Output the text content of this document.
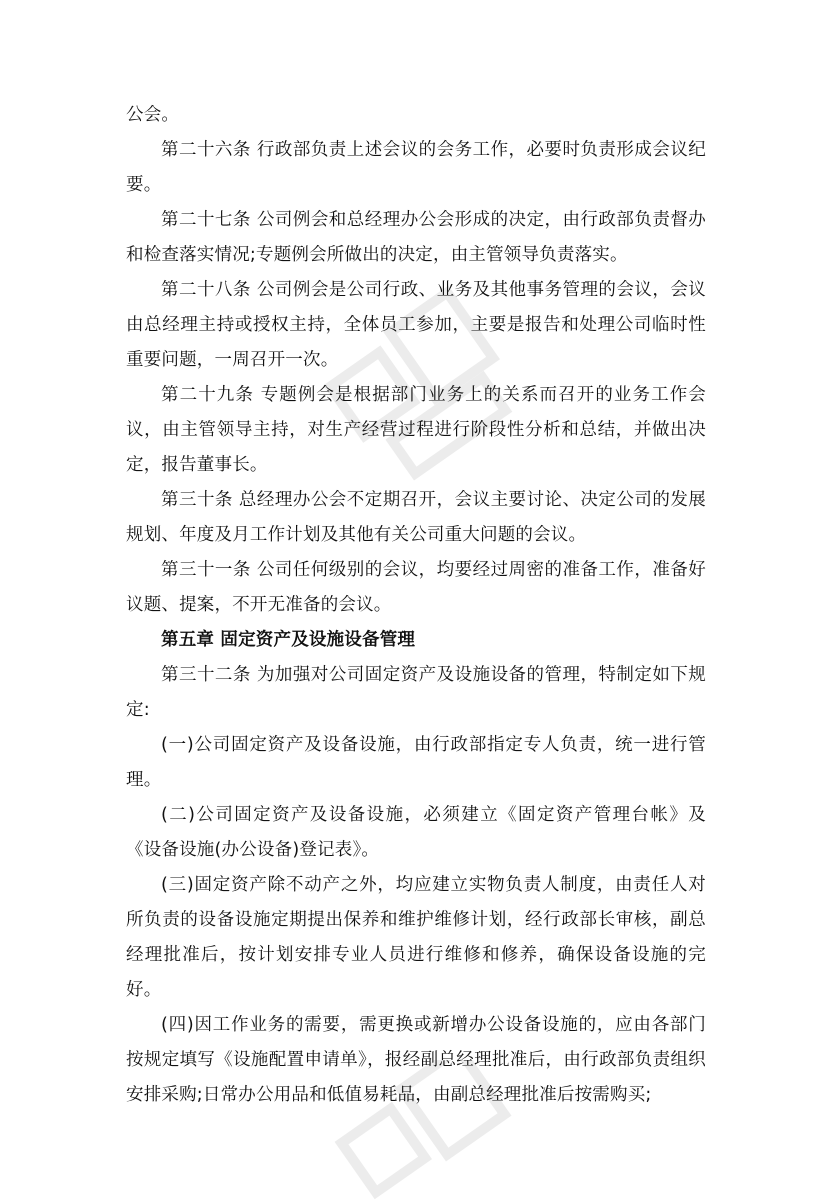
公会。

第二十六条 行政部负责上述会议的会务工作，必要时负责形成会议纪要。

第二十七条 公司例会和总经理办公会形成的决定，由行政部负责督办和检查落实情况;专题例会所做出的决定，由主管领导负责落实。

第二十八条 公司例会是公司行政、业务及其他事务管理的会议，会议由总经理主持或授权主持，全体员工参加，主要是报告和处理公司临时性重要问题，一周召开一次。

第二十九条 专题例会是根据部门业务上的关系而召开的业务工作会议，由主管领导主持，对生产经营过程进行阶段性分析和总结，并做出决定，报告董事长。

第三十条 总经理办公会不定期召开，会议主要讨论、决定公司的发展规划、年度及月工作计划及其他有关公司重大问题的会议。

第三十一条 公司任何级别的会议，均要经过周密的准备工作，准备好议题、提案，不开无准备的会议。

第五章 固定资产及设施设备管理

第三十二条 为加强对公司固定资产及设施设备的管理，特制定如下规定:

(一)公司固定资产及设备设施，由行政部指定专人负责，统一进行管理。

(二)公司固定资产及设备设施，必须建立《固定资产管理台帐》及《设备设施(办公设备)登记表》。

(三)固定资产除不动产之外，均应建立实物负责人制度，由责任人对所负责的设备设施定期提出保养和维护维修计划，经行政部长审核，副总经理批准后，按计划安排专业人员进行维修和修养，确保设备设施的完好。

(四)因工作业务的需要，需更换或新增办公设备设施的，应由各部门按规定填写《设施配置申请单》，报经副总经理批准后，由行政部负责组织安排采购;日常办公用品和低值易耗品，由副总经理批准后按需购买;
